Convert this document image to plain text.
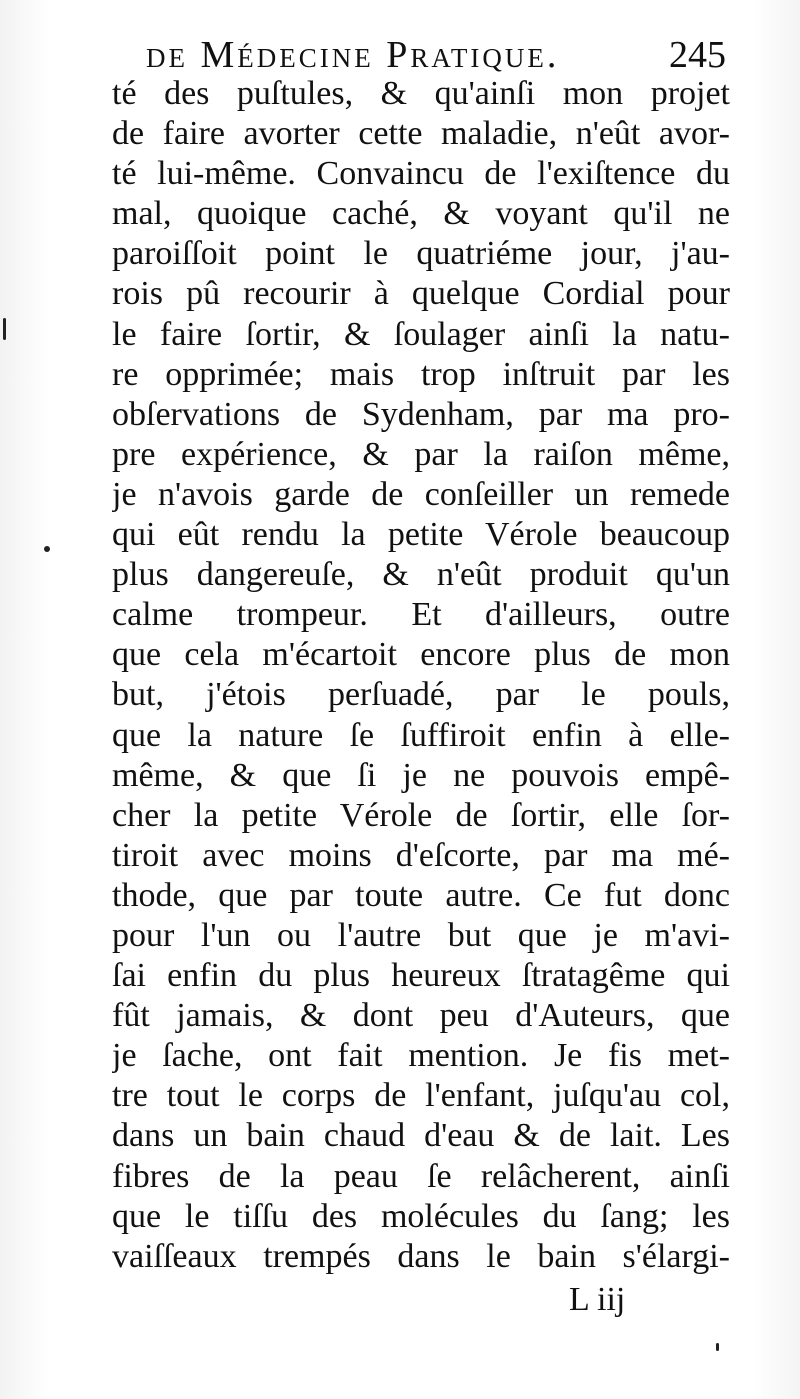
de Médecine Pratique.	245
té des puſtules, & qu'ainſi mon projet
de faire avorter cette maladie, n'eût avor-
té lui-même. Convaincu de l'exiſtence du
mal, quoique caché, & voyant qu'il ne
paroiſſoit point le quatriéme jour, j'au-
rois pû recourir à quelque Cordial pour
le faire ſortir, & ſoulager ainſi la natu-
re opprimée; mais trop inſtruit par les
obſervations de Sydenham, par ma pro-
pre expérience, & par la raiſon même,
je n'avois garde de conſeiller un remede
qui eût rendu la petite Vérole beaucoup
plus dangereuſe, & n'eût produit qu'un
calme trompeur. Et d'ailleurs, outre
que cela m'écartoit encore plus de mon
but, j'étois perſuadé, par le pouls,
que la nature ſe ſuffiroit enfin à elle-
même, & que ſi je ne pouvois empê-
cher la petite Vérole de ſortir, elle ſor-
tiroit avec moins d'eſcorte, par ma mé-
thode, que par toute autre. Ce fut donc
pour l'un ou l'autre but que je m'avi-
ſai enfin du plus heureux ſtratagême qui
fût jamais, & dont peu d'Auteurs, que
je ſache, ont fait mention. Je fis met-
tre tout le corps de l'enfant, juſqu'au col,
dans un bain chaud d'eau & de lait. Les
fibres de la peau ſe relâcherent, ainſi
que le tiſſu des molécules du ſang; les
vaiſſeaux trempés dans le bain s'élargi-
L iij
